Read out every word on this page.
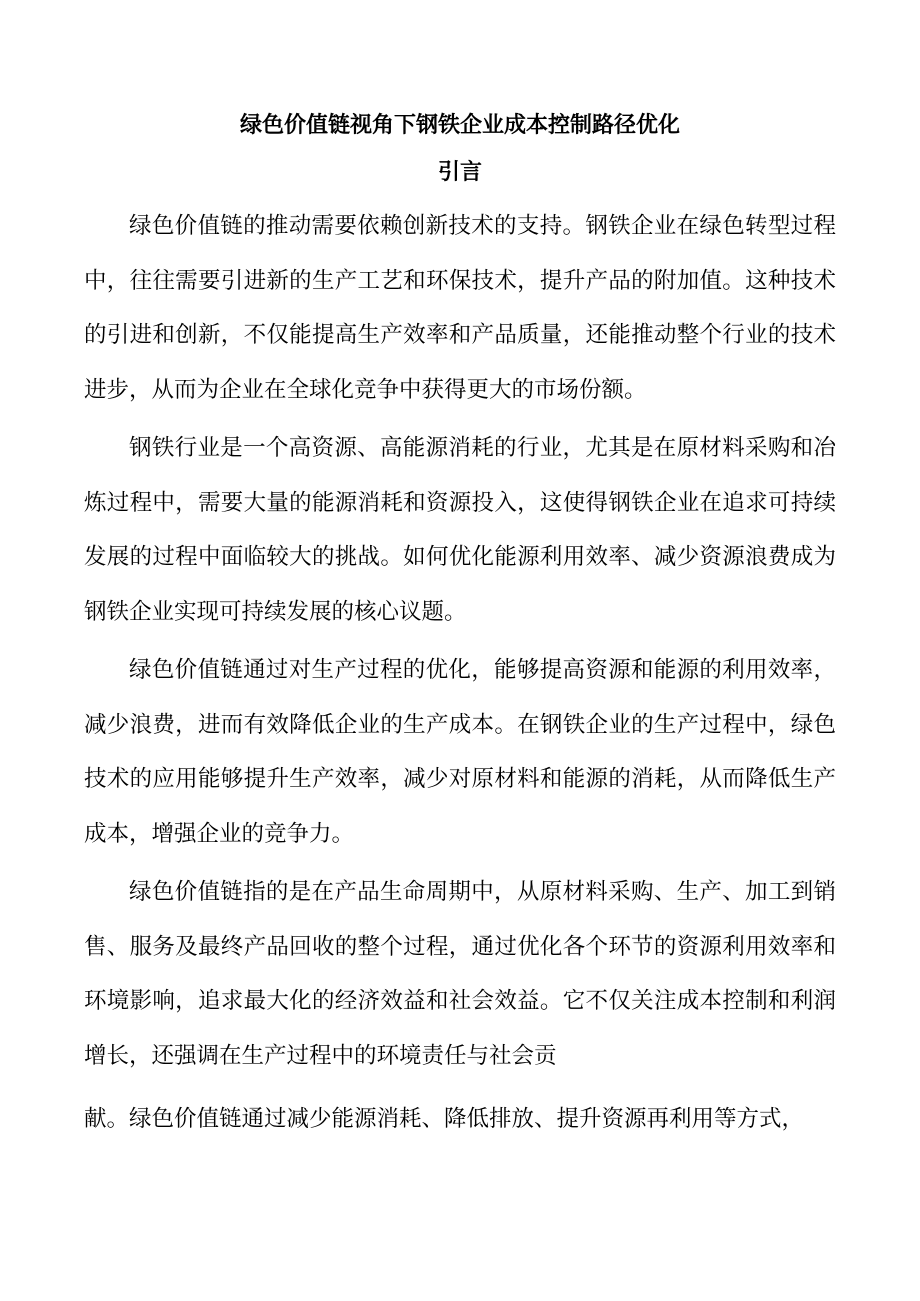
绿色价值链视角下钢铁企业成本控制路径优化
引言

绿色价值链的推动需要依赖创新技术的支持。钢铁企业在绿色转型过程中，往往需要引进新的生产工艺和环保技术，提升产品的附加值。这种技术的引进和创新，不仅能提高生产效率和产品质量，还能推动整个行业的技术进步，从而为企业在全球化竞争中获得更大的市场份额。

钢铁行业是一个高资源、高能源消耗的行业，尤其是在原材料采购和冶炼过程中，需要大量的能源消耗和资源投入，这使得钢铁企业在追求可持续发展的过程中面临较大的挑战。如何优化能源利用效率、减少资源浪费成为钢铁企业实现可持续发展的核心议题。

绿色价值链通过对生产过程的优化，能够提高资源和能源的利用效率，减少浪费，进而有效降低企业的生产成本。在钢铁企业的生产过程中，绿色技术的应用能够提升生产效率，减少对原材料和能源的消耗，从而降低生产成本，增强企业的竞争力。

绿色价值链指的是在产品生命周期中，从原材料采购、生产、加工到销售、服务及最终产品回收的整个过程，通过优化各个环节的资源利用效率和环境影响，追求最大化的经济效益和社会效益。它不仅关注成本控制和利润增长，还强调在生产过程中的环境责任与社会贡

献。绿色价值链通过减少能源消耗、降低排放、提升资源再利用等方式，
